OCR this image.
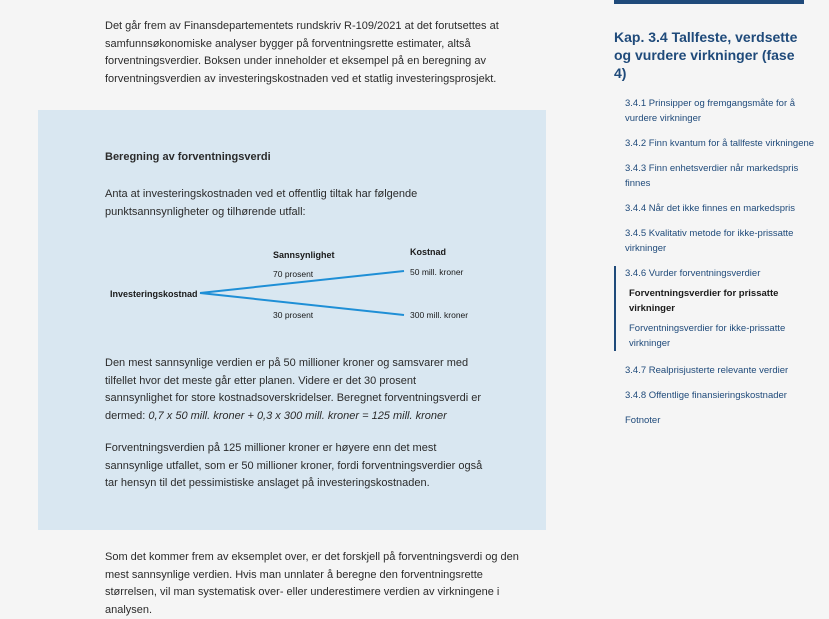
Det går frem av Finansdepartementets rundskriv R-109/2021 at det forutsettes at samfunnsøkonomiske analyser bygger på forventningsrette estimater, altså forventningsverdier. Boksen under inneholder et eksempel på en beregning av forventningsverdien av investeringskostnaden ved et statlig investeringsprosjekt.

Beregning av forventningsverdi

Anta at investeringskostnaden ved et offentlig tiltak har følgende punktsannsynligheter og tilhørende utfall:

Sannsynlighet	Kostnad
Investeringskostnad
70 prosent	50 mill. kroner
30 prosent	300 mill. kroner

Den mest sannsynlige verdien er på 50 millioner kroner og samsvarer med tilfellet hvor det meste går etter planen. Videre er det 30 prosent sannsynlighet for store kostnadsoverskridelser. Beregnet forventningsverdi er dermed: 0,7 x 50 mill. kroner + 0,3 x 300 mill. kroner = 125 mill. kroner

Forventningsverdien på 125 millioner kroner er høyere enn det mest sannsynlige utfallet, som er 50 millioner kroner, fordi forventningsverdier også tar hensyn til det pessimistiske anslaget på investeringskostnaden.

Som det kommer frem av eksemplet over, er det forskjell på forventningsverdi og den mest sannsynlige verdien. Hvis man unnlater å beregne den forventningsrette størrelsen, vil man systematisk over- eller underestimere verdien av virkningene i analysen.

Kap. 3.4 Tallfeste, verdsette og vurdere virkninger (fase 4)

3.4.1 Prinsipper og fremgangsmåte for å vurdere virkninger
3.4.2 Finn kvantum for å tallfeste virkningene
3.4.3 Finn enhetsverdier når markedspris finnes
3.4.4 Når det ikke finnes en markedspris
3.4.5 Kvalitativ metode for ikke-prissatte virkninger
3.4.6 Vurder forventningsverdier
Forventningsverdier for prissatte virkninger
Forventningsverdier for ikke-prissatte virkninger
3.4.7 Realprisjusterte relevante verdier
3.4.8 Offentlige finansieringskostnader
Fotnoter
